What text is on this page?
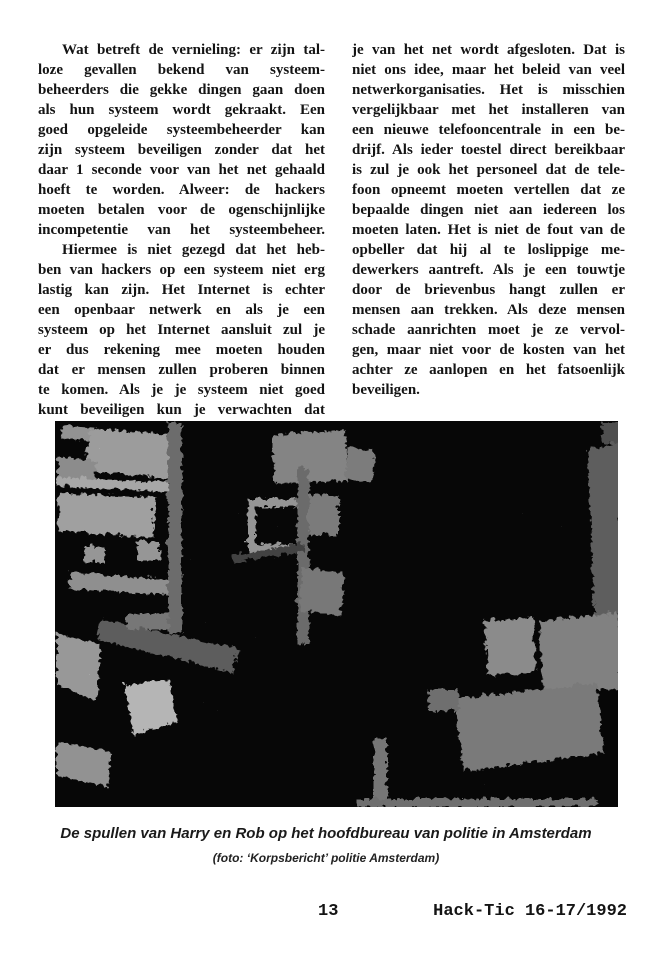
Wat betreft de vernieling: er zijn tal-
loze gevallen bekend van systeem-
beheerders die gekke dingen gaan doen
als hun systeem wordt gekraakt. Een
goed opgeleide systeembeheerder kan
zijn systeem beveiligen zonder dat het
daar 1 seconde voor van het net gehaald
hoeft te worden. Alweer: de hackers
moeten betalen voor de ogenschijnlijke
incompetentie van het systeembeheer.
Hiermee is niet gezegd dat het heb-
ben van hackers op een systeem niet erg
lastig kan zijn. Het Internet is echter
een openbaar netwerk en als je een
systeem op het Internet aansluit zul je
er dus rekening mee moeten houden
dat er mensen zullen proberen binnen
te komen. Als je je systeem niet goed
kunt beveiligen kun je verwachten dat
je van het net wordt afgesloten. Dat is
niet ons idee, maar het beleid van veel
netwerkorganisaties. Het is misschien
vergelijkbaar met het installeren van
een nieuwe telefooncentrale in een be-
drijf. Als ieder toestel direct bereikbaar
is zul je ook het personeel dat de tele-
foon opneemt moeten vertellen dat ze
bepaalde dingen niet aan iedereen los
moeten laten. Het is niet de fout van de
opbeller dat hij al te loslippige me-
dewerkers aantreft. Als je een touwtje
door de brievenbus hangt zullen er
mensen aan trekken. Als deze mensen
schade aanrichten moet je ze vervol-
gen, maar niet voor de kosten van het
achter ze aanlopen en het fatsoenlijk
beveiligen.
De spullen van Harry en Rob op het hoofdbureau van politie in Amsterdam
(foto: ‘Korpsbericht’ politie Amsterdam)
13	Hack-Tic 16-17/1992
